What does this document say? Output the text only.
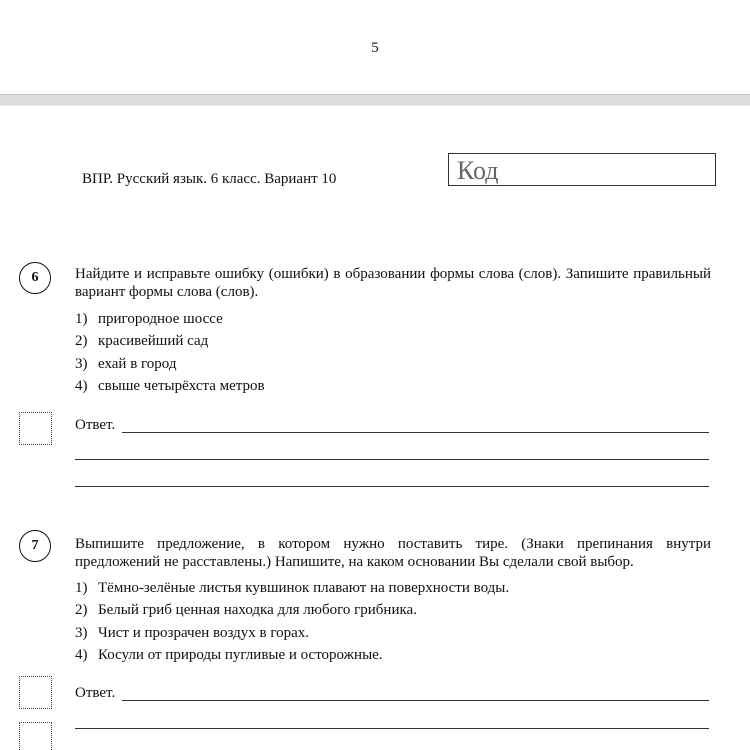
5
ВПР. Русский язык. 6 класс. Вариант 10	Код
6	Найдите и исправьте ошибку (ошибки) в образовании формы слова (слов). Запишите правильный вариант формы слова (слов).
1) пригородное шоссе
2) красивейший сад
3) ехай в город
4) свыше четырёхста метров
Ответ.
7	Выпишите предложение, в котором нужно поставить тире. (Знаки препинания внутри предложений не расставлены.) Напишите, на каком основании Вы сделали свой выбор.
1) Тёмно-зелёные листья кувшинок плавают на поверхности воды.
2) Белый гриб ценная находка для любого грибника.
3) Чист и прозрачен воздух в горах.
4) Косули от природы пугливые и осторожные.
Ответ.
